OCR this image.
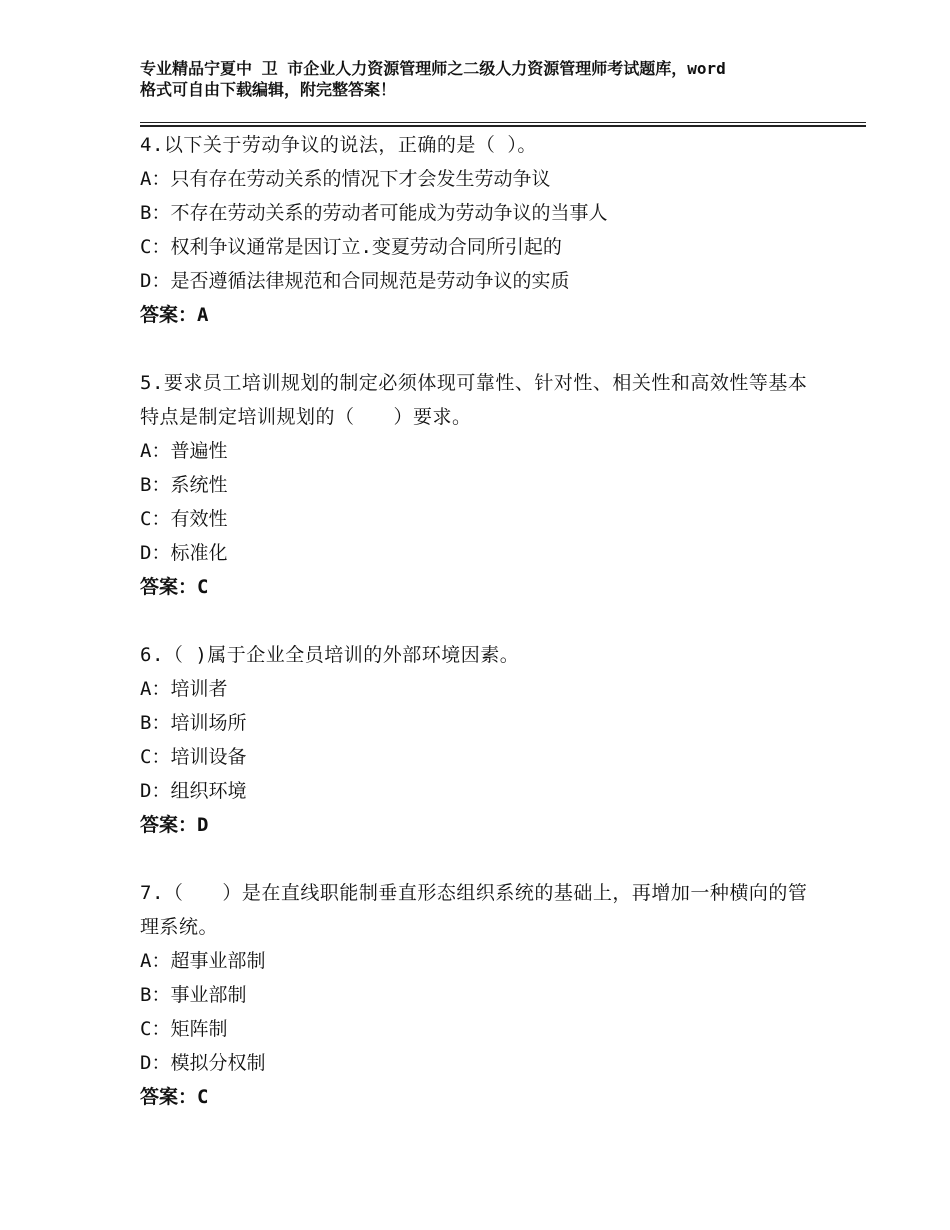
专业精品宁夏中 卫 市企业人力资源管理师之二级人力资源管理师考试题库，word
格式可自由下载编辑，附完整答案！

4.以下关于劳动争议的说法，正确的是（ ）。

A：只有存在劳动关系的情况下才会发生劳动争议

B：不存在劳动关系的劳动者可能成为劳动争议的当事人

C：权利争议通常是因订立.变夏劳动合同所引起的

D：是否遵循法律规范和合同规范是劳动争议的实质

答案：A

5.要求员工培训规划的制定必须体现可靠性、针对性、相关性和高效性等基本特点是制定培训规划的（　　）要求。

A：普遍性

B：系统性

C：有效性

D：标准化

答案：C

6.（ )属于企业全员培训的外部环境因素。

A：培训者

B：培训场所

C：培训设备

D：组织环境

答案：D

7.（　　）是在直线职能制垂直形态组织系统的基础上，再增加一种横向的管理系统。

A：超事业部制

B：事业部制

C：矩阵制

D：模拟分权制

答案：C
